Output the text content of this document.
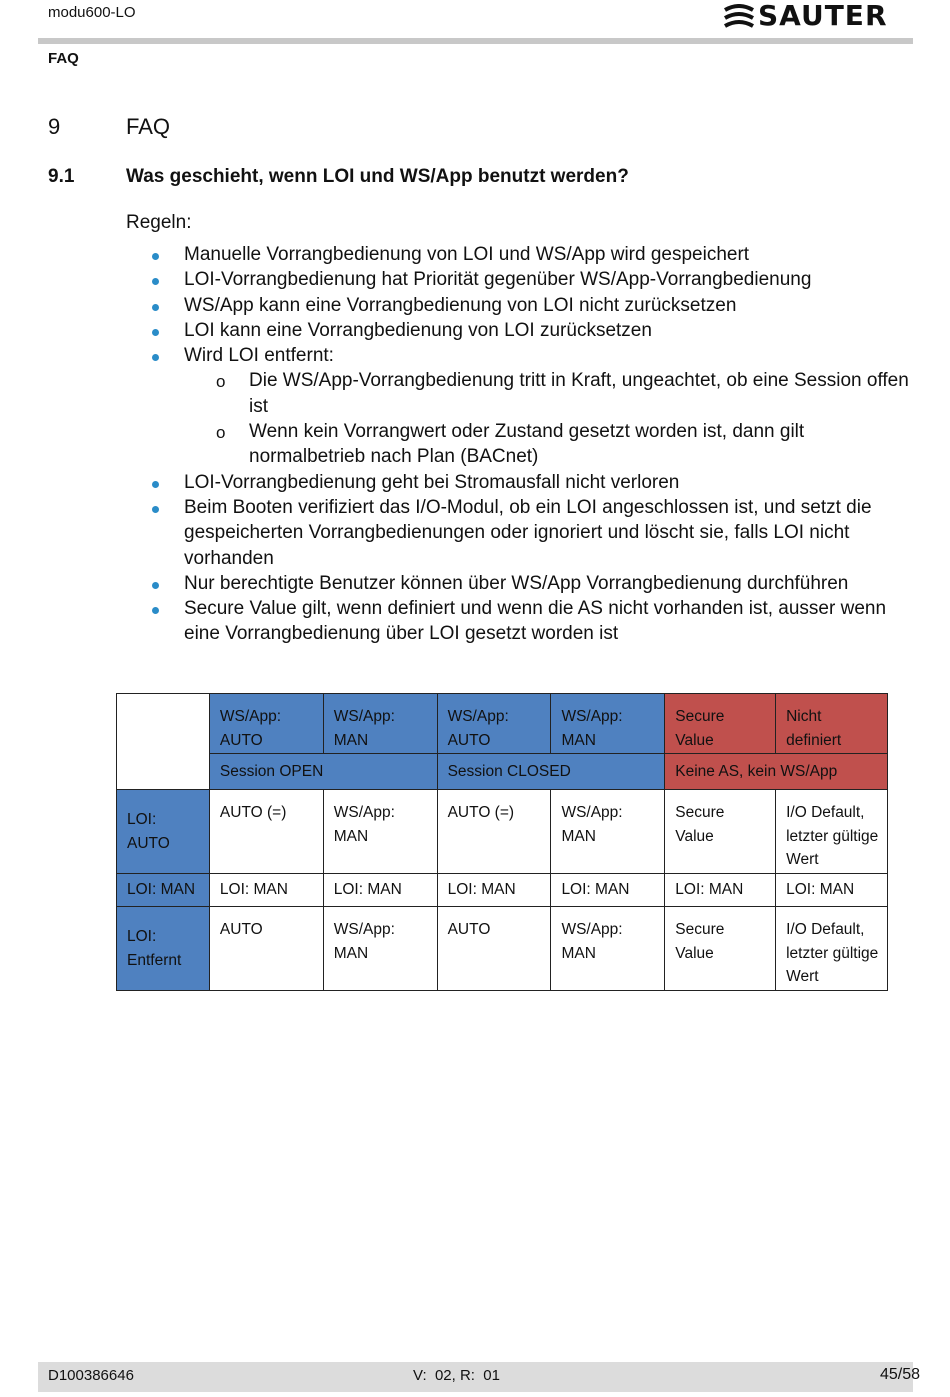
modu600-LO	SAUTER
FAQ
9	FAQ
9.1	Was geschieht, wenn LOI und WS/App benutzt werden?
Regeln:
Manuelle Vorrangbedienung von LOI und WS/App wird gespeichert
LOI-Vorrangbedienung hat Priorität gegenüber WS/App-Vorrangbedienung
WS/App kann eine Vorrangbedienung von LOI nicht zurücksetzen
LOI kann eine Vorrangbedienung von LOI zurücksetzen
Wird LOI entfernt:
o Die WS/App-Vorrangbedienung tritt in Kraft, ungeachtet, ob eine Session offen ist
o Wenn kein Vorrangwert oder Zustand gesetzt worden ist, dann gilt normalbetrieb nach Plan (BACnet)
LOI-Vorrangbedienung geht bei Stromausfall nicht verloren
Beim Booten verifiziert das I/O-Modul, ob ein LOI angeschlossen ist, und setzt die gespeicherten Vorrangbedienungen oder ignoriert und löscht sie, falls LOI nicht vorhanden
Nur berechtigte Benutzer können über WS/App Vorrangbedienung durchführen
Secure Value gilt, wenn definiert und wenn die AS nicht vorhanden ist, ausser wenn eine Vorrangbedienung über LOI gesetzt worden ist
	WS/App: AUTO	WS/App: MAN	WS/App: AUTO	WS/App: MAN	Secure Value	Nicht definiert
	Session OPEN		Session CLOSED		Keine AS, kein WS/App	
LOI: AUTO	AUTO (=)	WS/App: MAN	AUTO (=)	WS/App: MAN	Secure Value	I/O Default, letzter gültige Wert
LOI: MAN	LOI: MAN	LOI: MAN	LOI: MAN	LOI: MAN	LOI: MAN	LOI: MAN
LOI: Entfernt	AUTO	WS/App: MAN	AUTO	WS/App: MAN	Secure Value	I/O Default, letzter gültige Wert
D100386646	V:  02, R:  01	45/58
